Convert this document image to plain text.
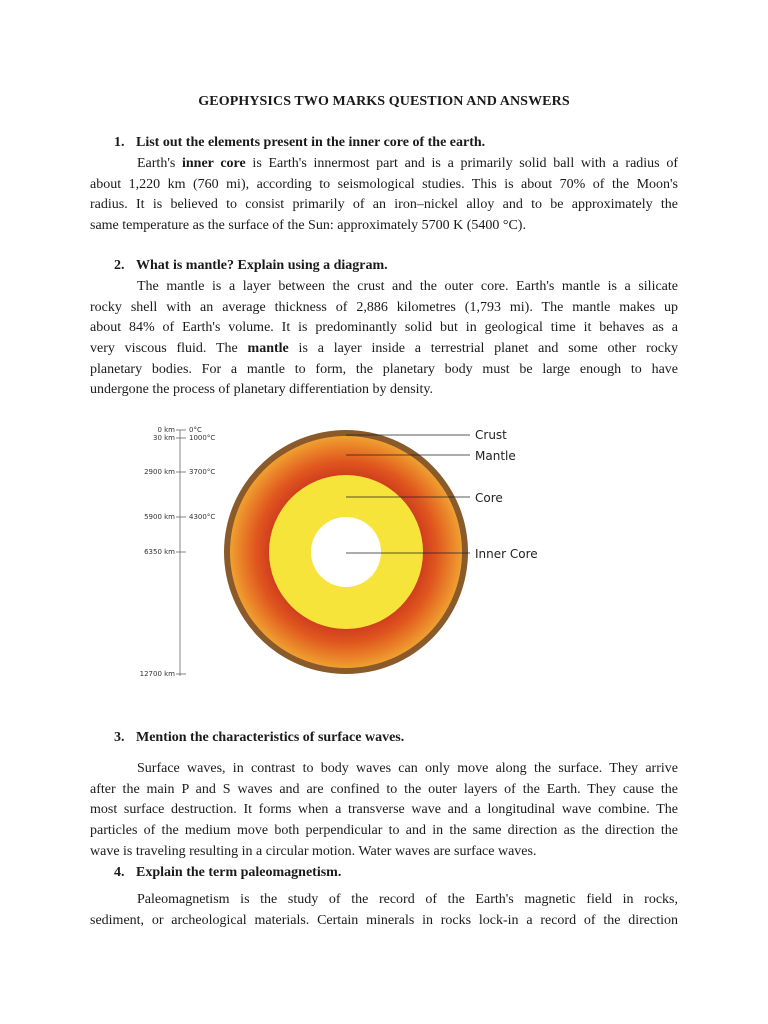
GEOPHYSICS TWO MARKS QUESTION AND ANSWERS
1. List out the elements present in the inner core of the earth.
Earth's inner core is Earth's innermost part and is a primarily solid ball with a radius of
about 1,220 km (760 mi), according to seismological studies. This is about 70% of the Moon's
radius. It is believed to consist primarily of an iron–nickel alloy and to be approximately the
same temperature as the surface of the Sun: approximately 5700 K (5400 °C).
2. What is mantle? Explain using a diagram.
The mantle is a layer between the crust and the outer core. Earth's mantle is a silicate
rocky shell with an average thickness of 2,886 kilometres (1,793 mi). The mantle makes up
about 84% of Earth's volume. It is predominantly solid but in geological time it behaves as a
very viscous fluid. The mantle is a layer inside a terrestrial planet and some other rocky
planetary bodies. For a mantle to form, the planetary body must be large enough to have
undergone the process of planetary differentiation by density.
0 km 0°C
30 km 1000°C
2900 km 3700°C
5900 km 4300°C
6350 km
12700 km
Crust
Mantle
Core
Inner Core
3. Mention the characteristics of surface waves.
Surface waves, in contrast to body waves can only move along the surface. They arrive
after the main P and S waves and are confined to the outer layers of the Earth. They cause the
most surface destruction. It forms when a transverse wave and a longitudinal wave combine. The
particles of the medium move both perpendicular to and in the same direction as the direction the
wave is traveling resulting in a circular motion. Water waves are surface waves.
4. Explain the term paleomagnetism.
Paleomagnetism is the study of the record of the Earth's magnetic field in rocks,
sediment, or archeological materials. Certain minerals in rocks lock-in a record of the direction
